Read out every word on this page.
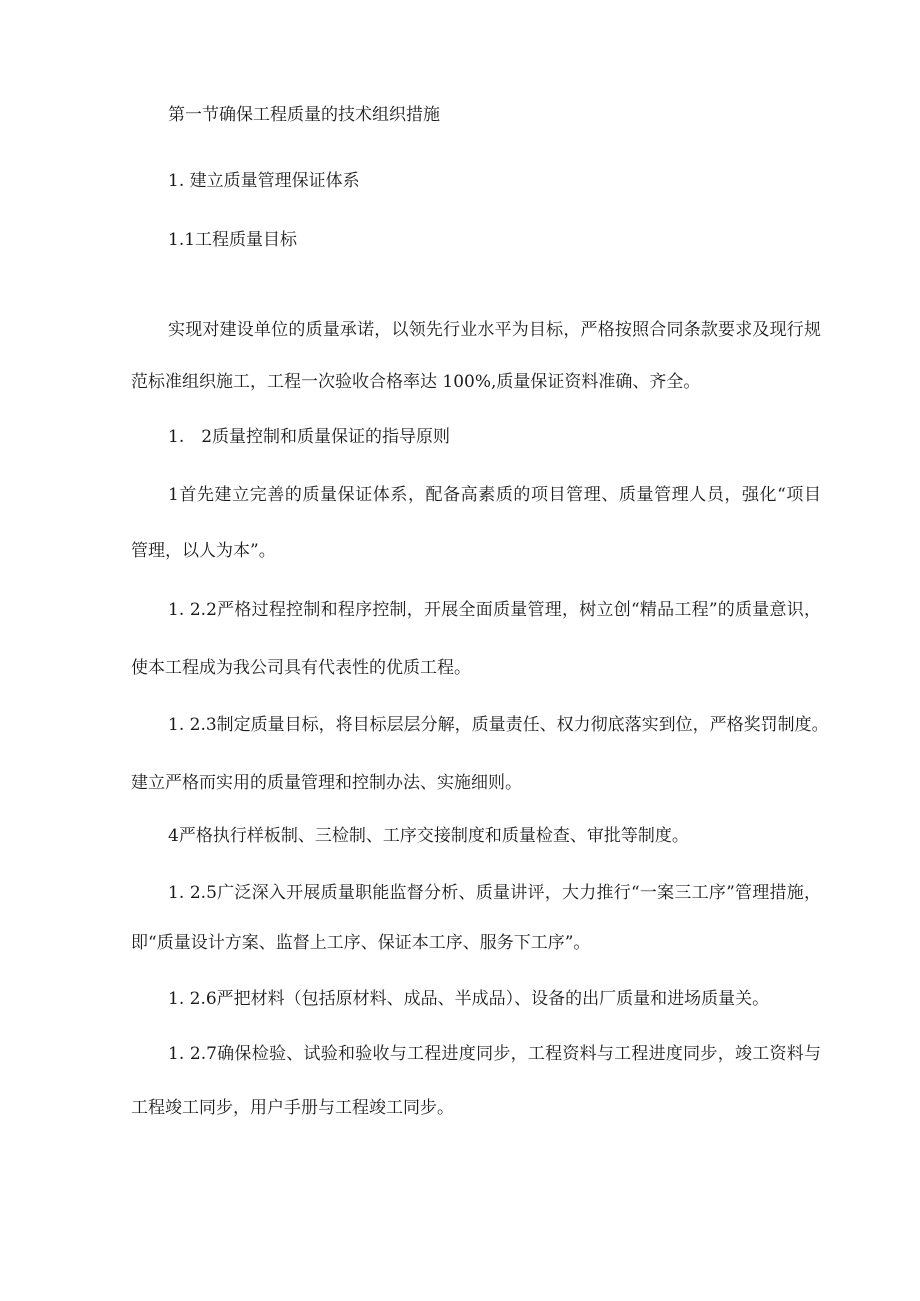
第一节确保工程质量的技术组织措施

1. 建立质量管理保证体系

1.1工程质量目标

实现对建设单位的质量承诺，以领先行业水平为目标，严格按照合同条款要求及现行规

范标准组织施工，工程一次验收合格率达 100%,质量保证资料准确、齐全。

1.　2质量控制和质量保证的指导原则

1首先建立完善的质量保证体系，配备高素质的项目管理、质量管理人员，强化“项目

管理，以人为本”。

1. 2.2严格过程控制和程序控制，开展全面质量管理，树立创“精品工程”的质量意识，

使本工程成为我公司具有代表性的优质工程。

1. 2.3制定质量目标，将目标层层分解，质量责任、权力彻底落实到位，严格奖罚制度。

建立严格而实用的质量管理和控制办法、实施细则。

4严格执行样板制、三检制、工序交接制度和质量检查、审批等制度。

1. 2.5广泛深入开展质量职能监督分析、质量讲评，大力推行“一案三工序”管理措施，

即“质量设计方案、监督上工序、保证本工序、服务下工序”。

1. 2.6严把材料（包括原材料、成品、半成品）、设备的出厂质量和进场质量关。

1. 2.7确保检验、试验和验收与工程进度同步，工程资料与工程进度同步，竣工资料与

工程竣工同步，用户手册与工程竣工同步。
